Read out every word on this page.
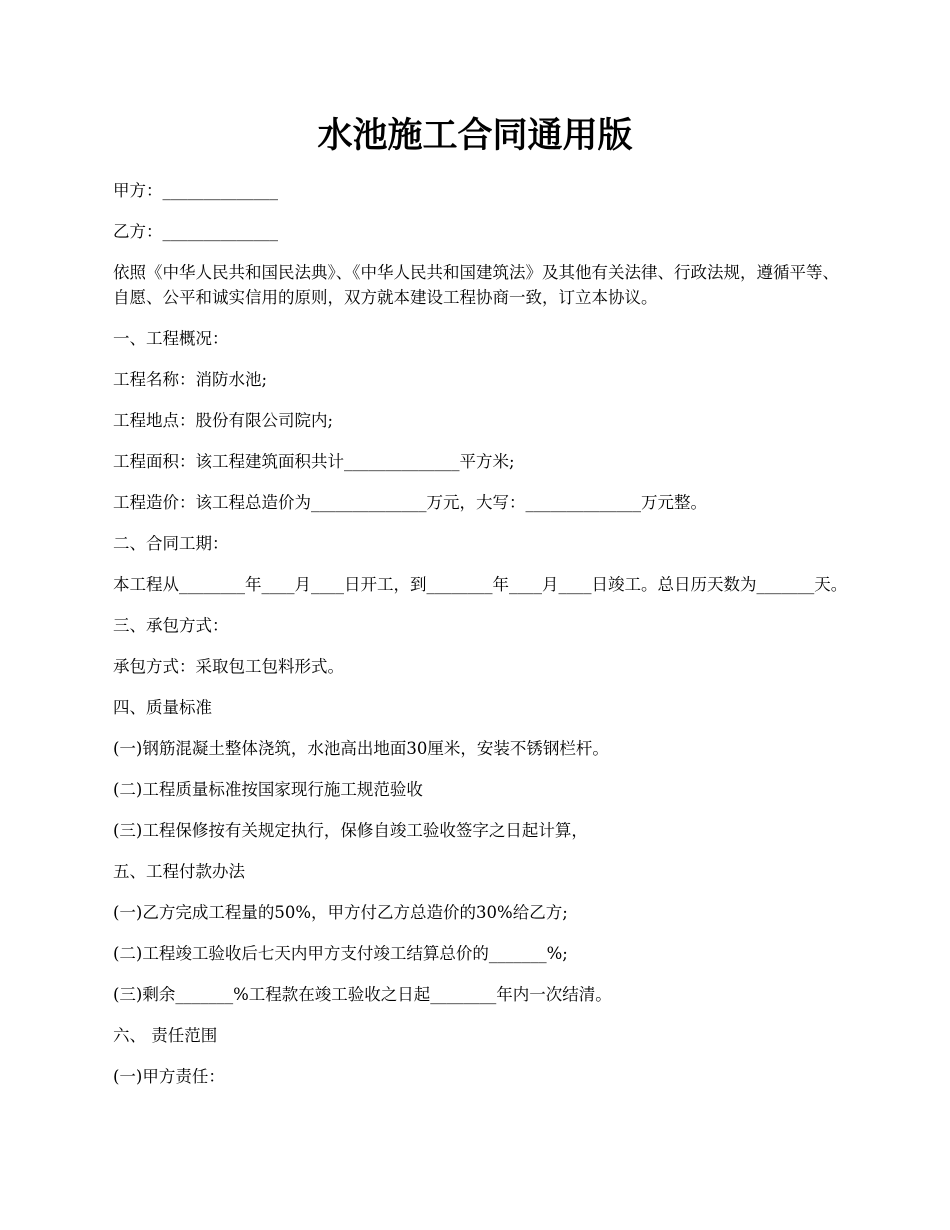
水池施工合同通用版

甲方：______________

乙方：______________

依照《中华人民共和国民法典》、《中华人民共和国建筑法》及其他有关法律、行政法规，遵循平等、自愿、公平和诚实信用的原则，双方就本建设工程协商一致，订立本协议。

一、工程概况：

工程名称：消防水池;

工程地点：股份有限公司院内;

工程面积：该工程建筑面积共计______________平方米;

工程造价：该工程总造价为______________万元，大写：______________万元整。

二、合同工期：

本工程从________年____月____日开工，到________年____月____日竣工。总日历天数为_______天。

三、承包方式：

承包方式：采取包工包料形式。

四、质量标准

(一)钢筋混凝土整体浇筑，水池高出地面30厘米，安装不锈钢栏杆。

(二)工程质量标准按国家现行施工规范验收

(三)工程保修按有关规定执行，保修自竣工验收签字之日起计算，

五、工程付款办法

(一)乙方完成工程量的50%，甲方付乙方总造价的30%给乙方;

(二)工程竣工验收后七天内甲方支付竣工结算总价的_______%;

(三)剩余_______%工程款在竣工验收之日起________年内一次结清。

六、 责任范围

(一)甲方责任：
